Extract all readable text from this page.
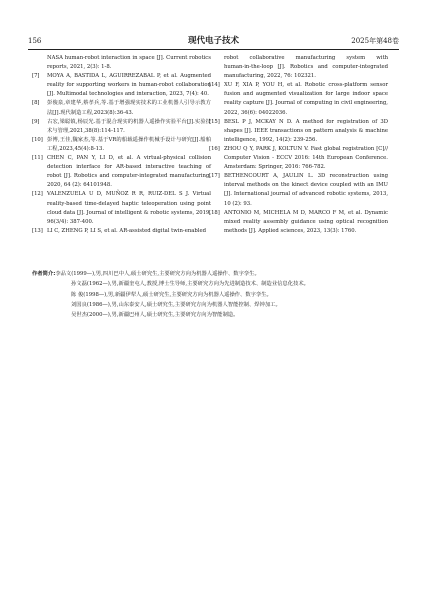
156	现代电子技术	2025年第48卷

NASA human‑robot interaction in space [J]. Current robotics reports, 2021, 2(3): 1‑8.

[7] MOYA A, BASTIDA L, AGUIRREZABAL P, et al. Augmented reality for supporting workers in human‑robot collaboration [J]. Multimodal technologies and interaction, 2023, 7(4): 40.

[8] 彭俊泉,章建华,蔡孝兵,等.基于增强现实技术的工业机器人引导示教方法[J].现代制造工程,2023(8):36‑43.

[9] 古宏,梁聪镇,杨辰光.基于混合现实的机器人遥操作实验平台[J].实验技术与管理,2021,38(8):114‑117.

[10] 彭博,王佳,魏家杰,等.基于VR的船载遥操作机械手设计与研究[J].船舶工程,2023,45(4):8‑13.

[11] CHEN C, PAN Y, LI D, et al. A virtual‑physical collision detection interface for AR‑based interactive teaching of robot [J]. Robotics and computer‑integrated manufacturing, 2020, 64 (2): 64101948.

[12] VALENZUELA U D, MUÑOZ R R, RUIZ‑DEL S J. Virtual reality‑based time‑delayed haptic teleoperation using point cloud data [J]. Journal of intelligent & robotic systems, 2019, 96(3/4): 387‑400.

[13] LI C, ZHENG P, LI S, et al. AR‑assisted digital twin‑enabled

robot collaborative manufacturing system with human‑in‑the‑loop [J]. Robotics and computer‑integrated manufacturing, 2022, 76: 102321.

[14] XU F, XIA P, YOU H, et al. Robotic cross‑platform sensor fusion and augmented visualization for large indoor space reality capture [J]. Journal of computing in civil engineering, 2022, 36(6): 04022036.

[15] BESL P J, MCKAY N D. A method for registration of 3D shapes [J]. IEEE transactions on pattern analysis & machine intelligence, 1992, 14(2): 239‑256.

[16] ZHOU Q Y, PARK J, KOLTUN V. Fast global registration [C]// Computer Vision - ECCV 2016: 14th European Conference. Amsterdam: Springer, 2016: 766‑782.

[17] BETHENCOURT A, JAULIN L. 3D reconstruction using interval methods on the kinect device coupled with an IMU [J]. International journal of advanced robotic systems, 2013, 10 (2): 93.

[18] ANTONIO M, MICHELA M D, MARCO F M, et al. Dynamic mixed reality assembly guidance using optical recognition methods [J]. Applied sciences, 2023, 13(3): 1760.

作者简介:李品文(1999—),男,四川巴中人,硕士研究生,主要研究方向为机器人遥操作、数字孪生。
孙文磊(1962—),男,新疆奎屯人,教授,博士生导师,主要研究方向为先进制造技术、制造业信息化技术。
陈 俊(1998—),男,新疆伊犁人,硕士研究生,主要研究方向为机器人遥操作、数字孪生。
刘国良(1986—),男,山东泰安人,硕士研究生,主要研究方向为机器人智能控制、焊钟加工。
吴世杰(2000—),男,新疆巴州人,硕士研究生,主要研究方向为智能制造。
